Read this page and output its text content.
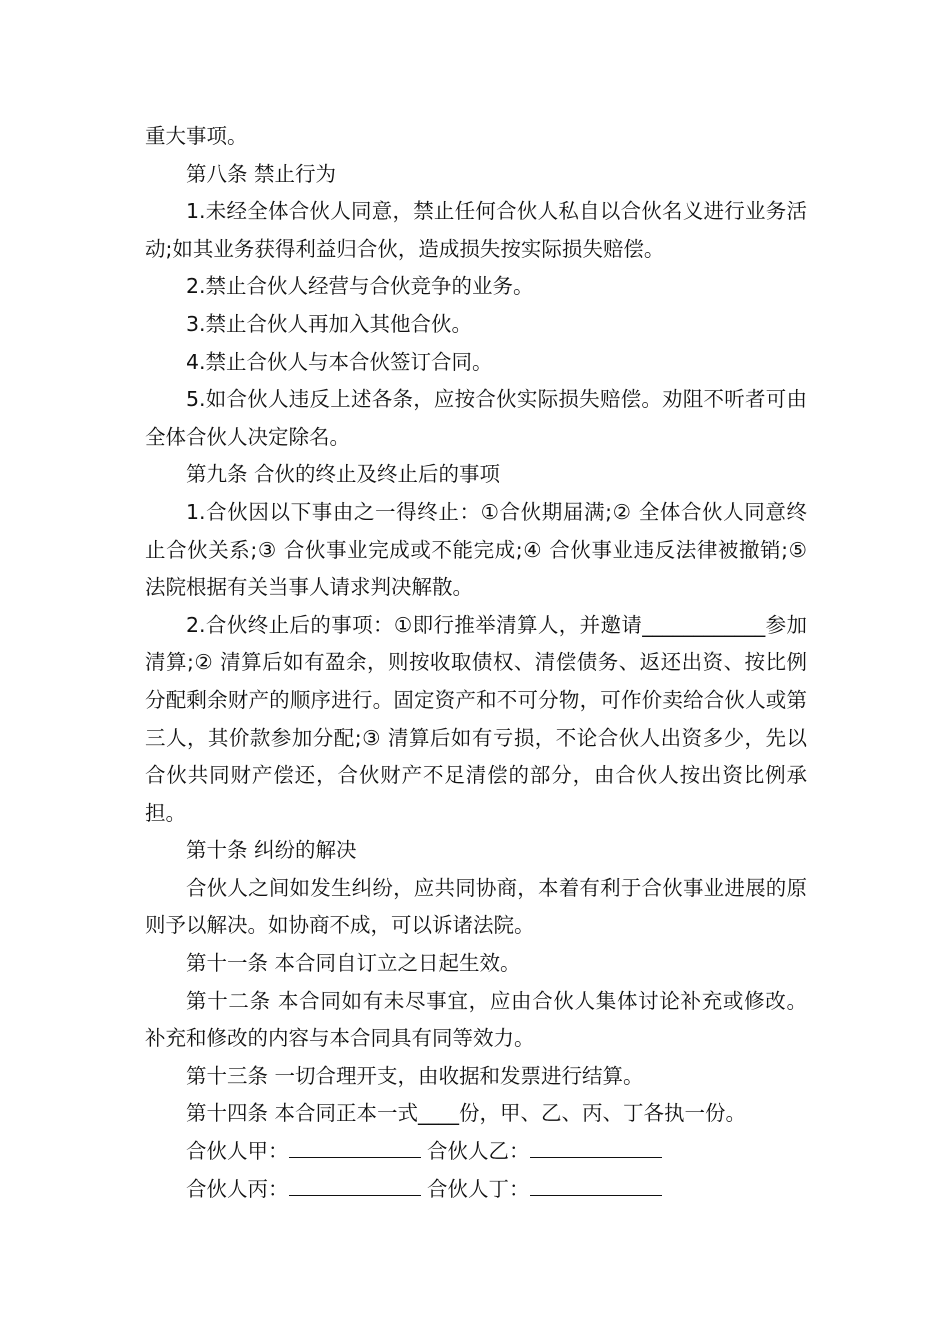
重大事项。

第八条 禁止行为

1.未经全体合伙人同意，禁止任何合伙人私自以合伙名义进行业务活动;如其业务获得利益归合伙，造成损失按实际损失赔偿。

2.禁止合伙人经营与合伙竞争的业务。

3.禁止合伙人再加入其他合伙。

4.禁止合伙人与本合伙签订合同。

5.如合伙人违反上述各条，应按合伙实际损失赔偿。劝阻不听者可由全体合伙人决定除名。

第九条 合伙的终止及终止后的事项

1.合伙因以下事由之一得终止：①合伙期届满;② 全体合伙人同意终止合伙关系;③ 合伙事业完成或不能完成;④ 合伙事业违反法律被撤销;⑤ 法院根据有关当事人请求判决解散。

2.合伙终止后的事项：①即行推举清算人，并邀请____________参加清算;② 清算后如有盈余，则按收取债权、清偿债务、返还出资、按比例分配剩余财产的顺序进行。固定资产和不可分物，可作价卖给合伙人或第三人，其价款参加分配;③ 清算后如有亏损，不论合伙人出资多少，先以合伙共同财产偿还，合伙财产不足清偿的部分，由合伙人按出资比例承担。

第十条 纠纷的解决

合伙人之间如发生纠纷，应共同协商，本着有利于合伙事业进展的原则予以解决。如协商不成，可以诉诸法院。

第十一条 本合同自订立之日起生效。

第十二条 本合同如有未尽事宜，应由合伙人集体讨论补充或修改。补充和修改的内容与本合同具有同等效力。

第十三条 一切合理开支，由收据和发票进行结算。

第十四条 本合同正本一式____份，甲、乙、丙、丁各执一份。

合伙人甲：	合伙人乙：

合伙人丙：	合伙人丁：
